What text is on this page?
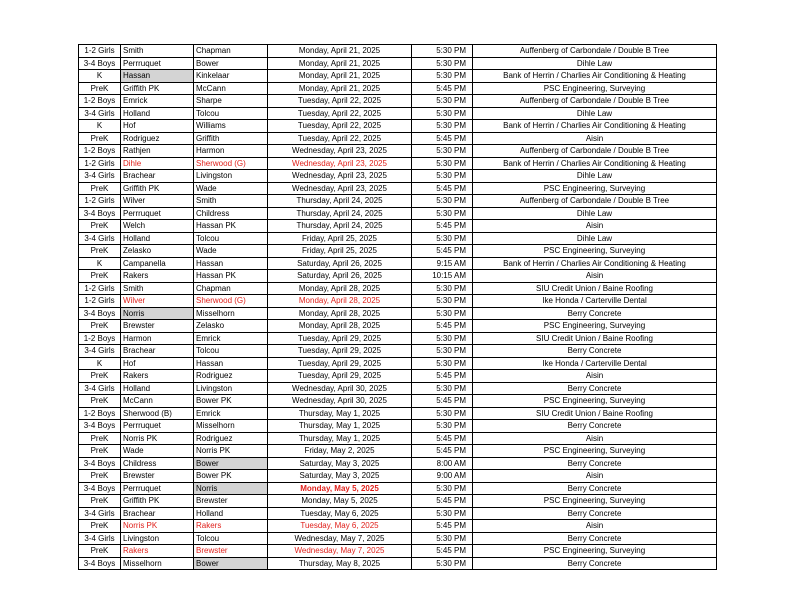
1-2 Girls	Smith	Chapman	Monday, April 21, 2025	5:30 PM	Auffenberg of Carbondale / Double B Tree
3-4 Boys	Perrruquet	Bower	Monday, April 21, 2025	5:30 PM	Dihle Law
K	Hassan	Kinkelaar	Monday, April 21, 2025	5:30 PM	Bank of Herrin / Charlies Air Conditioning & Heating
PreK	Griffith PK	McCann	Monday, April 21, 2025	5:45 PM	PSC Engineering, Surveying
1-2 Boys	Emrick	Sharpe	Tuesday, April 22, 2025	5:30 PM	Auffenberg of Carbondale / Double B Tree
3-4 Girls	Holland	Tolcou	Tuesday, April 22, 2025	5:30 PM	Dihle Law
K	Hof	Williams	Tuesday, April 22, 2025	5:30 PM	Bank of Herrin / Charlies Air Conditioning & Heating
PreK	Rodriguez	Griffith	Tuesday, April 22, 2025	5:45 PM	Aisin
1-2 Boys	Rathjen	Harmon	Wednesday, April 23, 2025	5:30 PM	Auffenberg of Carbondale / Double B Tree
1-2 Girls	Dihle	Sherwood (G)	Wednesday, April 23, 2025	5:30 PM	Bank of Herrin / Charlies Air Conditioning & Heating
3-4 Girls	Brachear	Livingston	Wednesday, April 23, 2025	5:30 PM	Dihle Law
PreK	Griffith PK	Wade	Wednesday, April 23, 2025	5:45 PM	PSC Engineering, Surveying
1-2 Girls	Wilver	Smith	Thursday, April 24, 2025	5:30 PM	Auffenberg of Carbondale / Double B Tree
3-4 Boys	Perrruquet	Childress	Thursday, April 24, 2025	5:30 PM	Dihle Law
PreK	Welch	Hassan PK	Thursday, April 24, 2025	5:45 PM	Aisin
3-4 Girls	Holland	Tolcou	Friday, April 25, 2025	5:30 PM	Dihle Law
PreK	Zelasko	Wade	Friday, April 25, 2025	5:45 PM	PSC Engineering, Surveying
K	Campanella	Hassan	Saturday, April 26, 2025	9:15 AM	Bank of Herrin / Charlies Air Conditioning & Heating
PreK	Rakers	Hassan PK	Saturday, April 26, 2025	10:15 AM	Aisin
1-2 Girls	Smith	Chapman	Monday, April 28, 2025	5:30 PM	SIU Credit Union / Baine Roofing
1-2 Girls	Wilver	Sherwood (G)	Monday, April 28, 2025	5:30 PM	Ike Honda / Carterville Dental
3-4 Boys	Norris	Misselhorn	Monday, April 28, 2025	5:30 PM	Berry Concrete
PreK	Brewster	Zelasko	Monday, April 28, 2025	5:45 PM	PSC Engineering, Surveying
1-2 Boys	Harmon	Emrick	Tuesday, April 29, 2025	5:30 PM	SIU Credit Union / Baine Roofing
3-4 Girls	Brachear	Tolcou	Tuesday, April 29, 2025	5:30 PM	Berry Concrete
K	Hof	Hassan	Tuesday, April 29, 2025	5:30 PM	Ike Honda / Carterville Dental
PreK	Rakers	Rodriguez	Tuesday, April 29, 2025	5:45 PM	Aisin
3-4 Girls	Holland	Livingston	Wednesday, April 30, 2025	5:30 PM	Berry Concrete
PreK	McCann	Bower PK	Wednesday, April 30, 2025	5:45 PM	PSC Engineering, Surveying
1-2 Boys	Sherwood (B)	Emrick	Thursday, May 1, 2025	5:30 PM	SIU Credit Union / Baine Roofing
3-4 Boys	Perrruquet	Misselhorn	Thursday, May 1, 2025	5:30 PM	Berry Concrete
PreK	Norris PK	Rodriguez	Thursday, May 1, 2025	5:45 PM	Aisin
PreK	Wade	Norris PK	Friday, May 2, 2025	5:45 PM	PSC Engineering, Surveying
3-4 Boys	Childress	Bower	Saturday, May 3, 2025	8:00 AM	Berry Concrete
PreK	Brewster	Bower PK	Saturday, May 3, 2025	9:00 AM	Aisin
3-4 Boys	Perrruquet	Norris	Monday, May 5, 2025	5:30 PM	Berry Concrete
PreK	Griffith PK	Brewster	Monday, May 5, 2025	5:45 PM	PSC Engineering, Surveying
3-4 Girls	Brachear	Holland	Tuesday, May 6, 2025	5:30 PM	Berry Concrete
PreK	Norris PK	Rakers	Tuesday, May 6, 2025	5:45 PM	Aisin
3-4 Girls	Livingston	Tolcou	Wednesday, May 7, 2025	5:30 PM	Berry Concrete
PreK	Rakers	Brewster	Wednesday, May 7, 2025	5:45 PM	PSC Engineering, Surveying
3-4 Boys	Misselhorn	Bower	Thursday, May 8, 2025	5:30 PM	Berry Concrete
